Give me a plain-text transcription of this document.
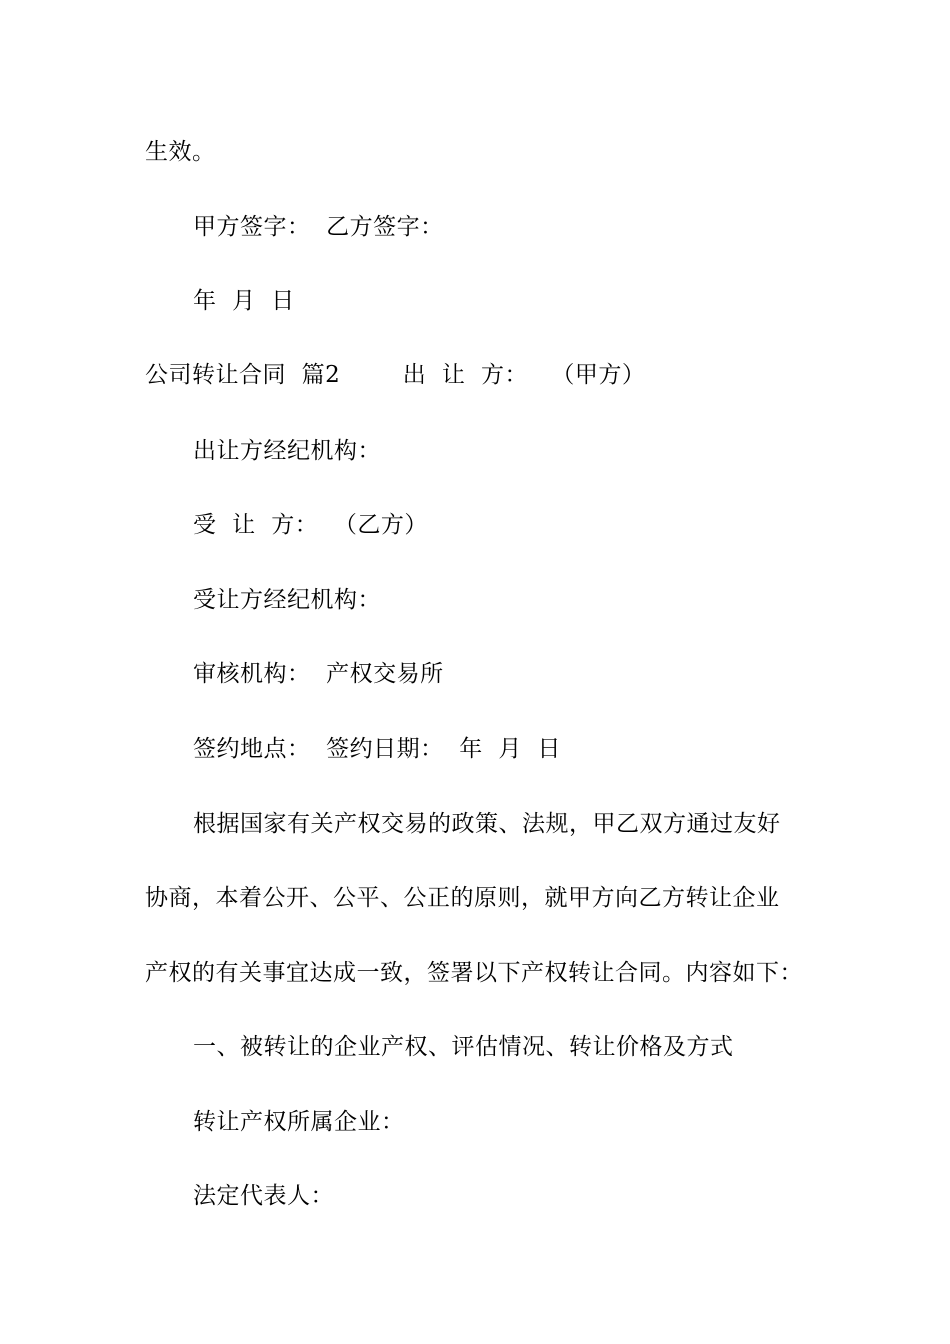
生效。
甲方签字：  乙方签字：
年  月  日
公司转让合同  篇2        出  让  方：   （甲方）
出让方经纪机构：
受  让  方：  （乙方）
受让方经纪机构：
审核机构：  产权交易所
签约地点：  签约日期：  年  月  日
根据国家有关产权交易的政策、法规，甲乙双方通过友好
协商，本着公开、公平、公正的原则，就甲方向乙方转让企业
产权的有关事宜达成一致，签署以下产权转让合同。内容如下：
一、被转让的企业产权、评估情况、转让价格及方式
转让产权所属企业：
法定代表人：
